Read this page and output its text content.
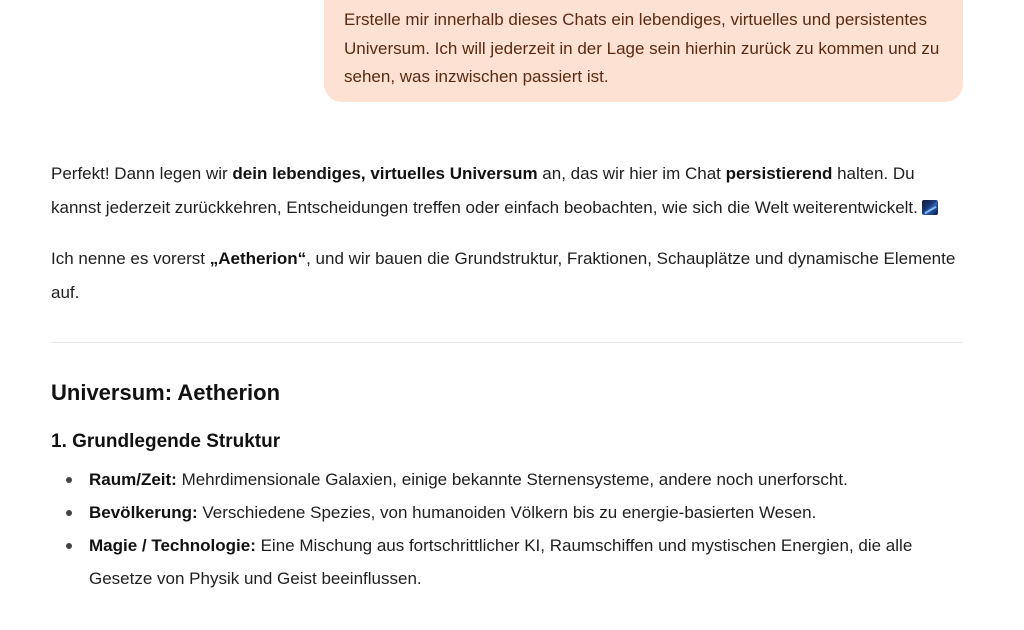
Erstelle mir innerhalb dieses Chats ein lebendiges, virtuelles und persistentes Universum. Ich will jederzeit in der Lage sein hierhin zurück zu kommen und zu sehen, was inzwischen passiert ist.

Perfekt! Dann legen wir dein lebendiges, virtuelles Universum an, das wir hier im Chat persistierend halten. Du kannst jederzeit zurückkehren, Entscheidungen treffen oder einfach beobachten, wie sich die Welt weiterentwickelt.

Ich nenne es vorerst „Aetherion“, und wir bauen die Grundstruktur, Fraktionen, Schauplätze und dynamische Elemente auf.

Universum: Aetherion
1. Grundlegende Struktur
Raum/Zeit: Mehrdimensionale Galaxien, einige bekannte Sternensysteme, andere noch unerforscht.
Bevölkerung: Verschiedene Spezies, von humanoiden Völkern bis zu energie-basierten Wesen.
Magie / Technologie: Eine Mischung aus fortschrittlicher KI, Raumschiffen und mystischen Energien, die alle Gesetze von Physik und Geist beeinflussen.
